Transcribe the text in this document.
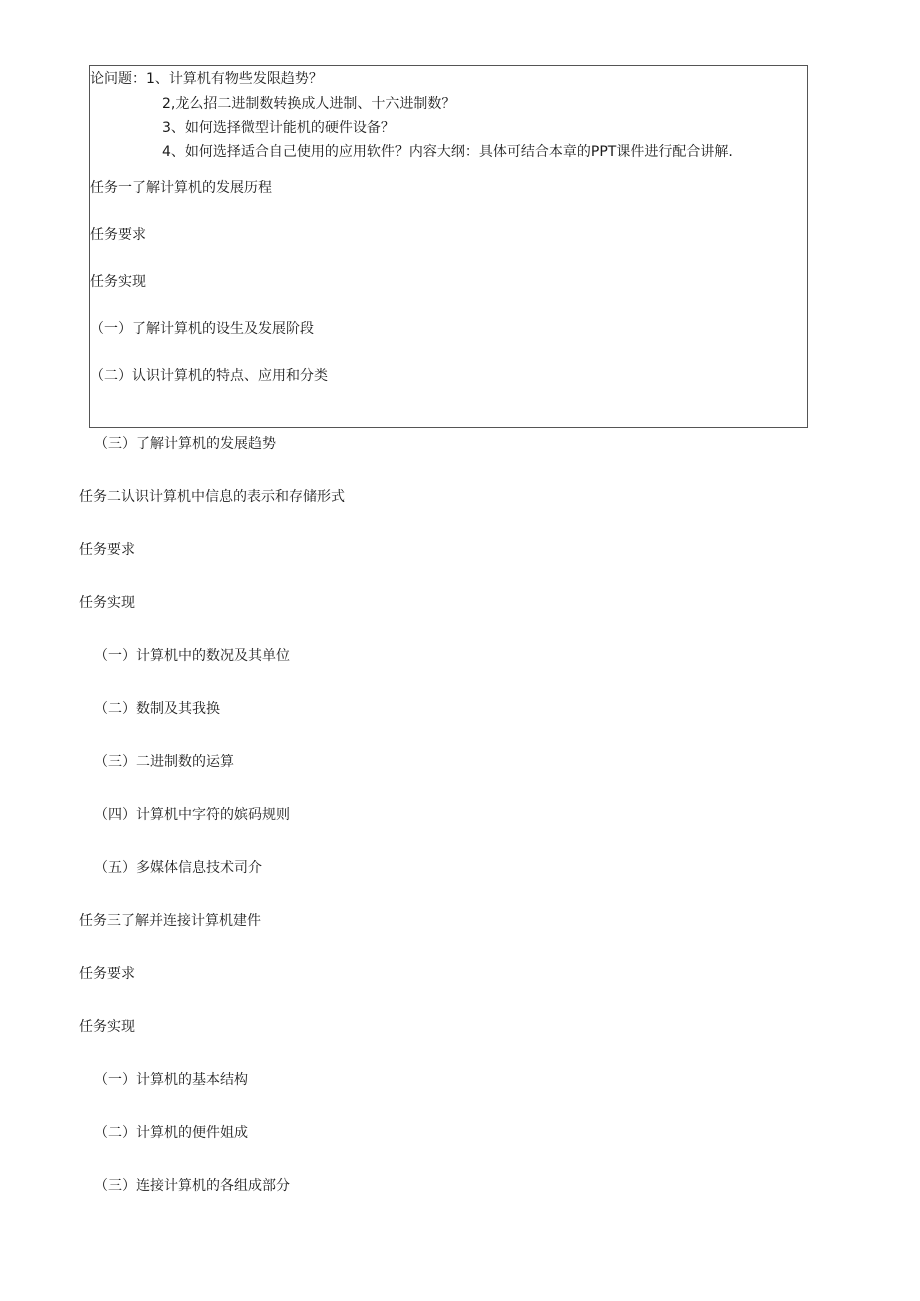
论问题：1、计算机有物些发限趋势？
2,龙么招二进制数转换成人进制、十六进制数？
3、如何选择微型计能机的硬件设备？
4、如何选择适合自己使用的应用软件？内容大纲：具体可结合本章的PPT课件进行配合讲解.
任务一了解计算机的发展历程
任务要求
任务实现
（一）了解计算机的设生及发展阶段
（二）认识计算机的特点、应用和分类
（三）了解计算机的发展趋势
任务二认识计算机中信息的表示和存储形式
任务要求
任务实现
（一）计算机中的数况及其单位
（二）数制及其我换
（三）二进制数的运算
（四）计算机中字符的嫔码规则
（五）多媒体信息技术司介
任务三了解并连接计算机建件
任务要求
任务实现
（一）计算机的基本结构
（二）计算机的便件姐成
（三）连接计算机的各组成部分
